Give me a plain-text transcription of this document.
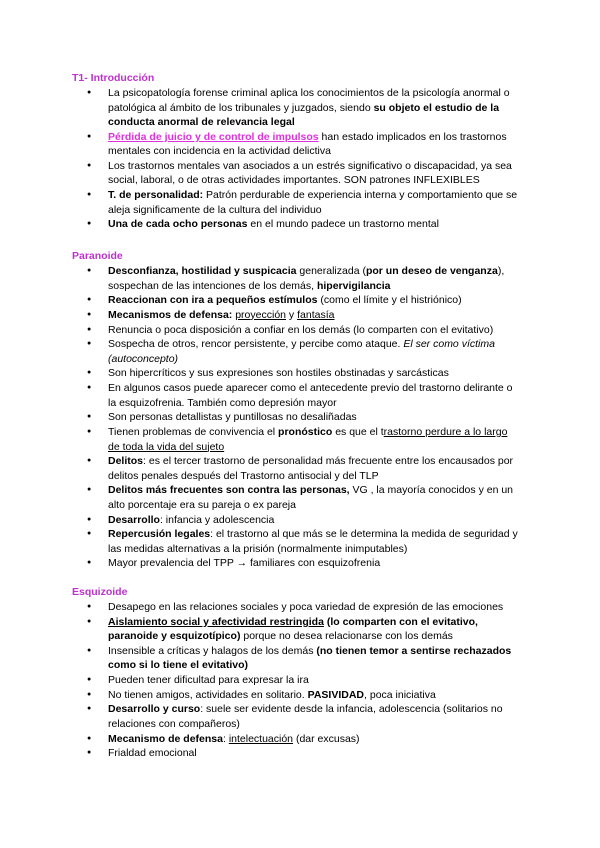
T1- Introducción
● La psicopatología forense criminal aplica los conocimientos de la psicología anormal o patológica al ámbito de los tribunales y juzgados, siendo su objeto el estudio de la conducta anormal de relevancia legal
● Pérdida de juicio y de control de impulsos han estado implicados en los trastornos mentales con incidencia en la actividad delictiva
● Los trastornos mentales van asociados a un estrés significativo o discapacidad, ya sea social, laboral, o de otras actividades importantes. SON patrones INFLEXIBLES
● T. de personalidad: Patrón perdurable de experiencia interna y comportamiento que se aleja significamente de la cultura del individuo
● Una de cada ocho personas en el mundo padece un trastorno mental
Paranoide
● Desconfianza, hostilidad y suspicacia generalizada (por un deseo de venganza), sospechan de las intenciones de los demás, hipervigilancia
● Reaccionan con ira a pequeños estímulos (como el límite y el histriónico)
● Mecanismos de defensa: proyección y fantasía
● Renuncia o poca disposición a confiar en los demás (lo comparten con el evitativo)
● Sospecha de otros, rencor persistente, y percibe como ataque. El ser como víctima (autoconcepto)
● Son hipercríticos y sus expresiones son hostiles obstinadas y sarcásticas
● En algunos casos puede aparecer como el antecedente previo del trastorno delirante o la esquizofrenia. También como depresión mayor
● Son personas detallistas y puntillosas no desaliñadas
● Tienen problemas de convivencia el pronóstico es que el trastorno perdure a lo largo de toda la vida del sujeto
● Delitos: es el tercer trastorno de personalidad más frecuente entre los encausados por delitos penales después del Trastorno antisocial y del TLP
● Delitos más frecuentes son contra las personas, VG , la mayoría conocidos y en un alto porcentaje era su pareja o ex pareja
● Desarrollo: infancia y adolescencia
● Repercusión legales: el trastorno al que más se le determina la medida de seguridad y las medidas alternativas a la prisión (normalmente inimputables)
● Mayor prevalencia del TPP → familiares con esquizofrenia
Esquizoide
● Desapego en las relaciones sociales y poca variedad de expresión de las emociones
● Aislamiento social y afectividad restringida (lo comparten con el evitativo, paranoide y esquizotípico) porque no desea relacionarse con los demás
● Insensible a críticas y halagos de los demás (no tienen temor a sentirse rechazados como si lo tiene el evitativo)
● Pueden tener dificultad para expresar la ira
● No tienen amigos, actividades en solitario. PASIVIDAD, poca iniciativa
● Desarrollo y curso: suele ser evidente desde la infancia, adolescencia (solitarios no relaciones con compañeros)
● Mecanismo de defensa: intelectuación (dar excusas)
● Frialdad emocional
